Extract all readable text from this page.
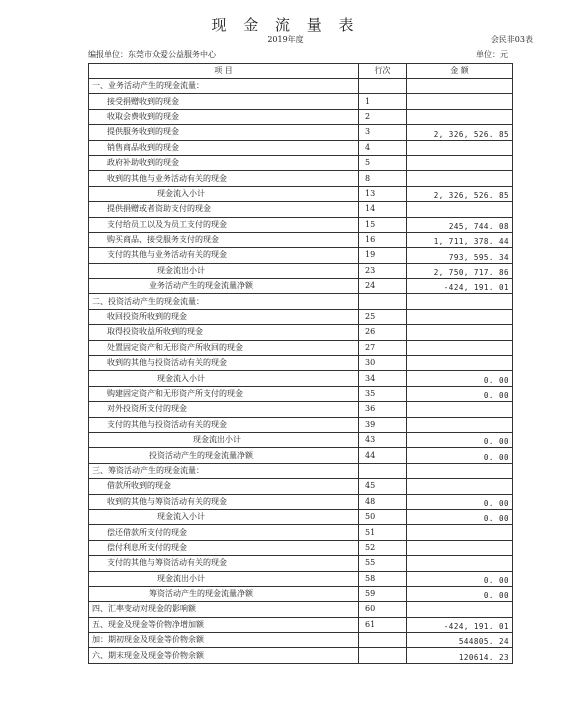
现 金 流 量 表
2019年度	会民非03表
编报单位：东莞市众爱公益服务中心	单位：元
项 目	行次	金 额
一、业务活动产生的现金流量：		
接受捐赠收到的现金	1	
收取会费收到的现金	2	
提供服务收到的现金	3	2, 326, 526. 85
销售商品收到的现金	4	
政府补助收到的现金	5	
收到的其他与业务活动有关的现金	8	
现金流入小计	13	2, 326, 526. 85
提供捐赠或者资助支付的现金	14	
支付给员工以及为员工支付的现金	15	245, 744. 08
购买商品、接受服务支付的现金	16	1, 711, 378. 44
支付的其他与业务活动有关的现金	19	793, 595. 34
现金流出小计	23	2, 750, 717. 86
业务活动产生的现金流量净额	24	-424, 191. 01
二、投资活动产生的现金流量：		
收回投资所收到的现金	25	
取得投资收益所收到的现金	26	
处置固定资产和无形资产所收回的现金	27	
收到的其他与投资活动有关的现金	30	
现金流入小计	34	0. 00
购建固定资产和无形资产所支付的现金	35	0. 00
对外投资所支付的现金	36	
支付的其他与投资活动有关的现金	39	
现金流出小计	43	0. 00
投资活动产生的现金流量净额	44	0. 00
三、筹资活动产生的现金流量：		
借款所收到的现金	45	
收到的其他与筹资活动有关的现金	48	0. 00
现金流入小计	50	0. 00
偿还借款所支付的现金	51	
偿付利息所支付的现金	52	
支付的其他与筹资活动有关的现金	55	
现金流出小计	58	0. 00
筹资活动产生的现金流量净额	59	0. 00
四、汇率变动对现金的影响额	60	
五、现金及现金等价物净增加额	61	-424, 191. 01
加：期初现金及现金等价物余额		544805. 24
六、期末现金及现金等价物余额		120614. 23
